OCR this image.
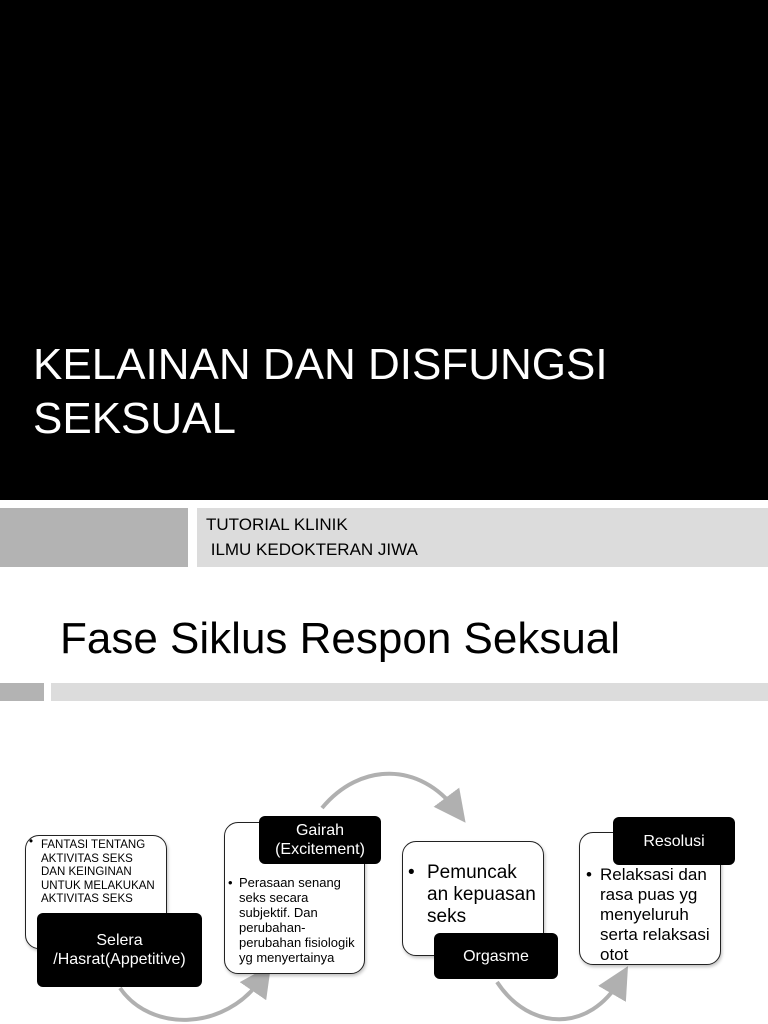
KELAINAN DAN DISFUNGSI
SEKSUAL
TUTORIAL KLINIK
ILMU KEDOKTERAN JIWA
Fase Siklus Respon Seksual
• FANTASI TENTANG AKTIVITAS SEKS DAN KEINGINAN UNTUK MELAKUKAN AKTIVITAS SEKS
• Perasaan senang seks secara subjektif. Dan perubahan-perubahan fisiologik yg menyertainya
• Pemuncak an kepuasan seks
• Relaksasi dan rasa puas yg menyeluruh serta relaksasi otot
Selera
/Hasrat(Appetitive)
Gairah
(Excitement)
Orgasme
Resolusi
